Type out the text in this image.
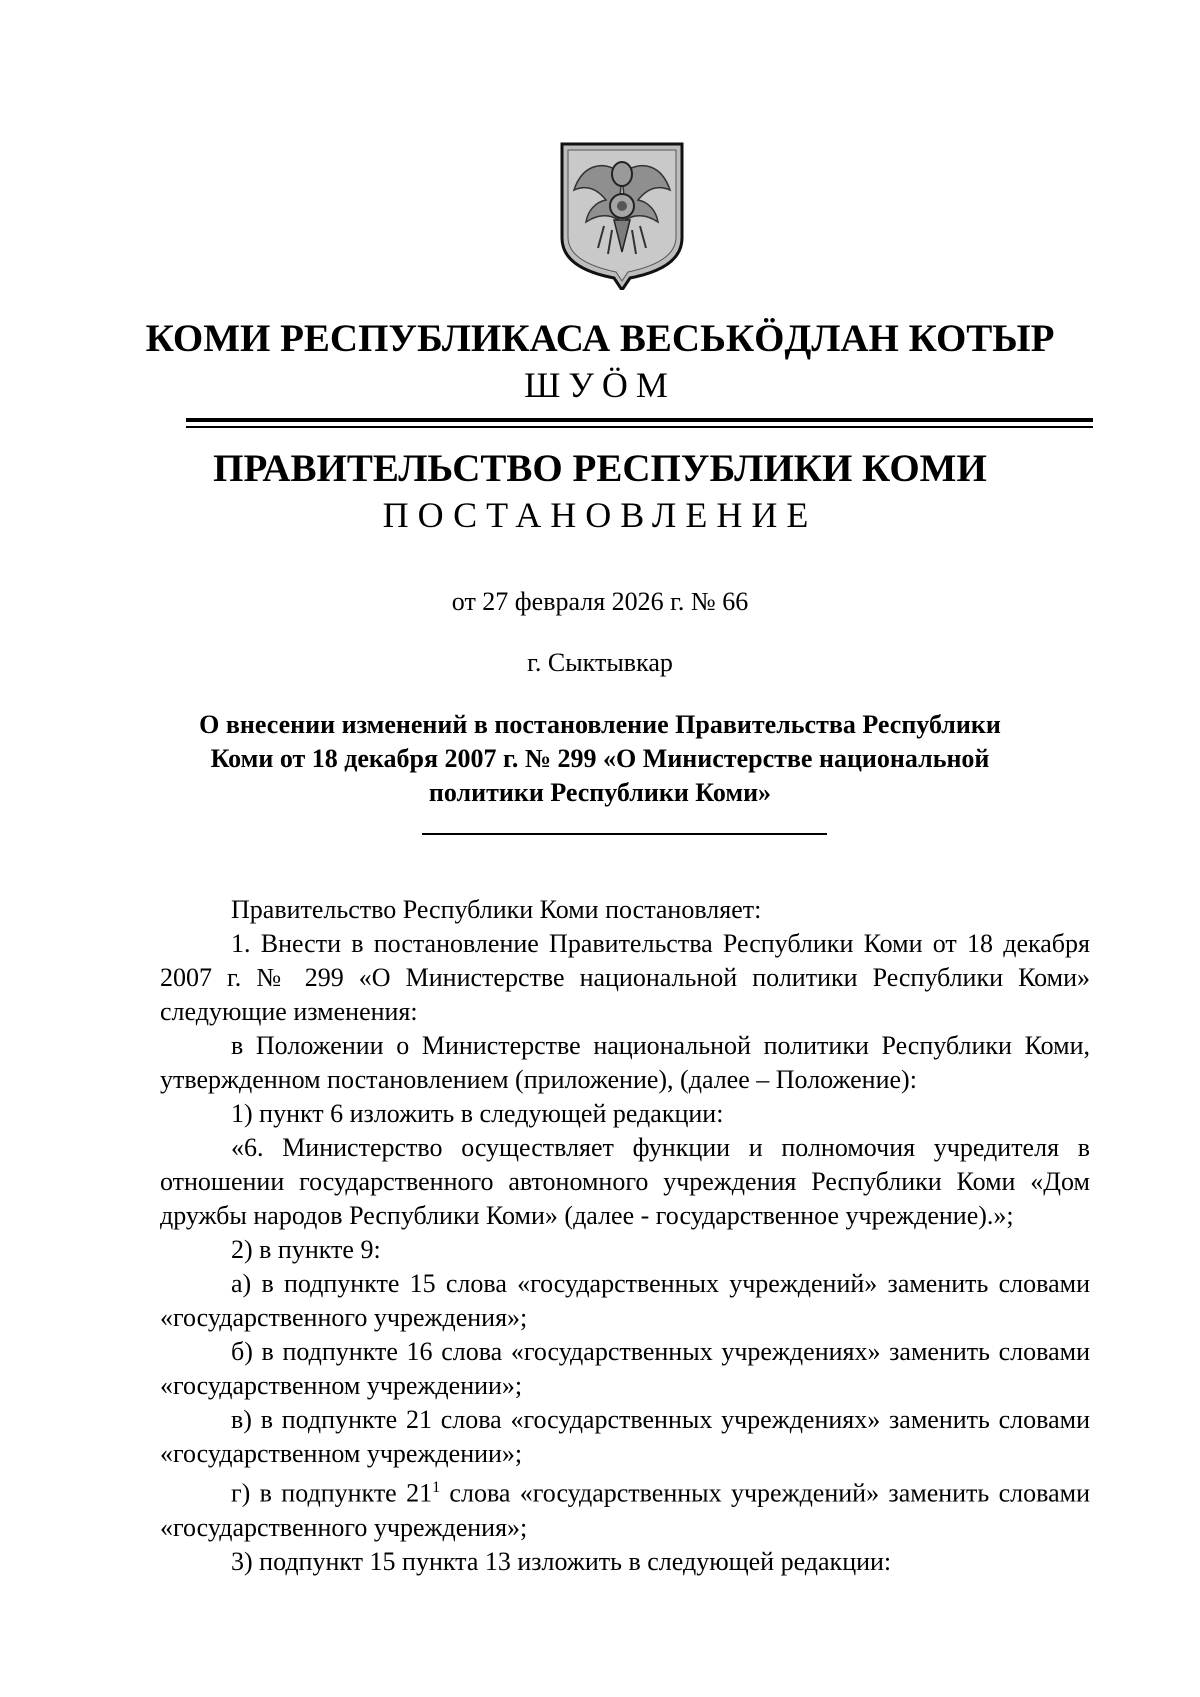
КОМИ РЕСПУБЛИКАСА ВЕСЬКӦДЛАН КОТЫР
ШУӦМ
ПРАВИТЕЛЬСТВО РЕСПУБЛИКИ КОМИ
ПОСТАНОВЛЕНИЕ
от 27 февраля 2026 г. № 66
г. Сыктывкар
О внесении изменений в постановление Правительства Республики
Коми от 18 декабря 2007 г. № 299 «О Министерстве национальной
политики Республики Коми»

Правительство Республики Коми постановляет:

1. Внести в постановление Правительства Республики Коми от 18 декабря 2007 г. № 299 «О Министерстве национальной политики Республики Коми» следующие изменения:

в Положении о Министерстве национальной политики Республики Коми, утвержденном постановлением (приложение), (далее – Положение):

1) пункт 6 изложить в следующей редакции:

«6. Министерство осуществляет функции и полномочия учредителя в отношении государственного автономного учреждения Республики Коми «Дом дружбы народов Республики Коми» (далее - государственное учреждение).»;

2) в пункте 9:

а) в подпункте 15 слова «государственных учреждений» заменить словами «государственного учреждения»;

б) в подпункте 16 слова «государственных учреждениях» заменить словами «государственном учреждении»;

в) в подпункте 21 слова «государственных учреждениях» заменить словами «государственном учреждении»;

г) в подпункте $21^1$ слова «государственных учреждений» заменить словами «государственного учреждения»;

3) подпункт 15 пункта 13 изложить в следующей редакции:
